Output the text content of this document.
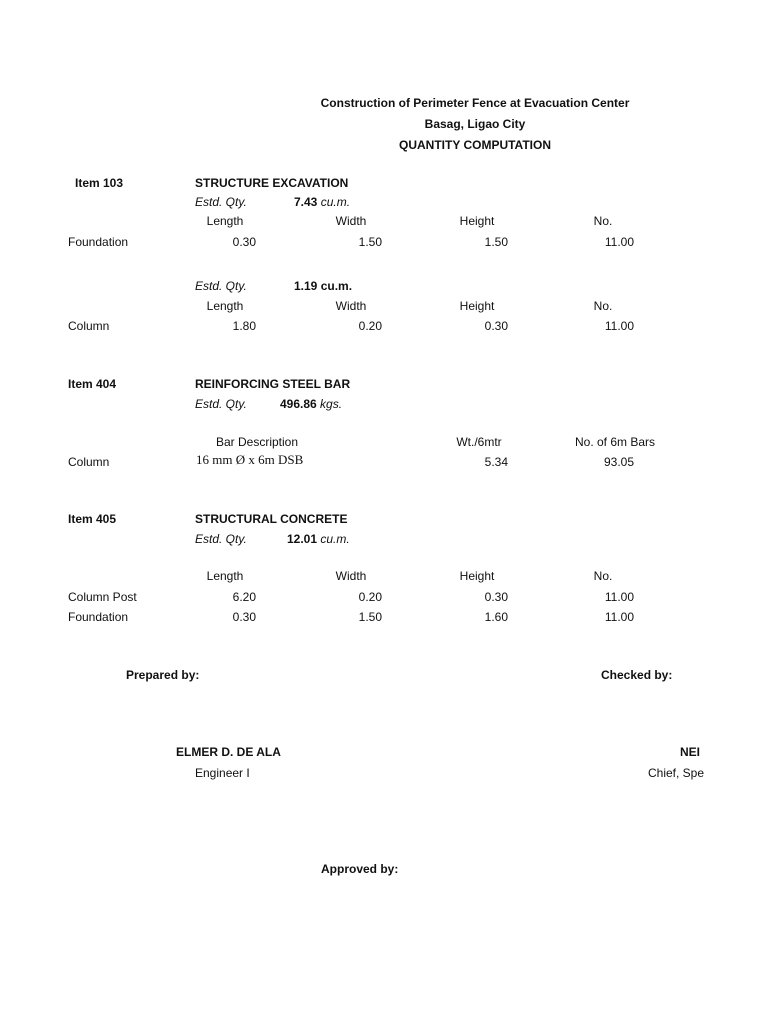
Construction of Perimeter Fence at Evacuation Center
Basag, Ligao City
QUANTITY COMPUTATION
Item 103	STRUCTURE EXCAVATION
Estd. Qty.	7.43 cu.m.
Length	Width	Height	No.
Foundation	0.30	1.50	1.50	11.00
Estd. Qty.	1.19 cu.m.
Length	Width	Height	No.
Column	1.80	0.20	0.30	11.00
Item 404	REINFORCING STEEL BAR
Estd. Qty.	496.86 kgs.
Bar Description	Wt./6mtr	No. of 6m Bars
Column	16 mm Ø x 6m DSB	5.34	93.05
Item 405	STRUCTURAL CONCRETE
Estd. Qty.	12.01 cu.m.
Length	Width	Height	No.
Column Post	6.20	0.20	0.30	11.00
Foundation	0.30	1.50	1.60	11.00
Prepared by:	Checked by:
ELMER D. DE ALA
Engineer I
NEI
Chief, Spe
Approved by:
